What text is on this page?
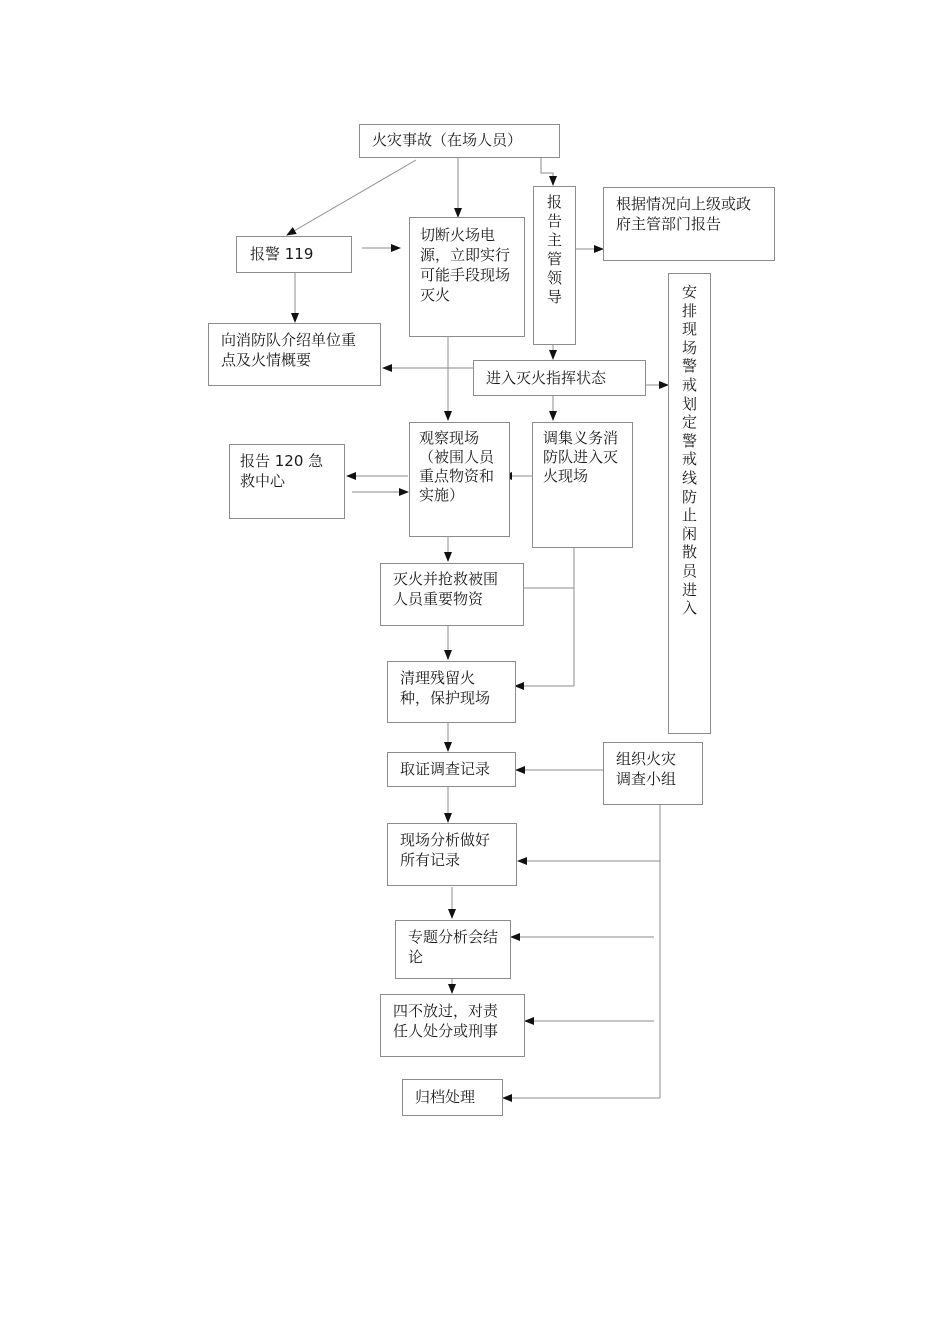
火灾事故（在场人员）
报警 119
切断火场电源，立即实行可能手段现场灭火
报告主管领导
根据情况向上级或政府主管部门报告
向消防队介绍单位重点及火情概要
进入灭火指挥状态
安排现场警戒划定警戒线防止闲散员进入
报告 120 急救中心
观察现场（被围人员重点物资和实施）
调集义务消防队进入灭火现场
灭火并抢救被围人员重要物资
清理残留火种，保护现场
取证调查记录
组织火灾调查小组
现场分析做好所有记录
专题分析会结论
四不放过，对责任人处分或刑事
归档处理
